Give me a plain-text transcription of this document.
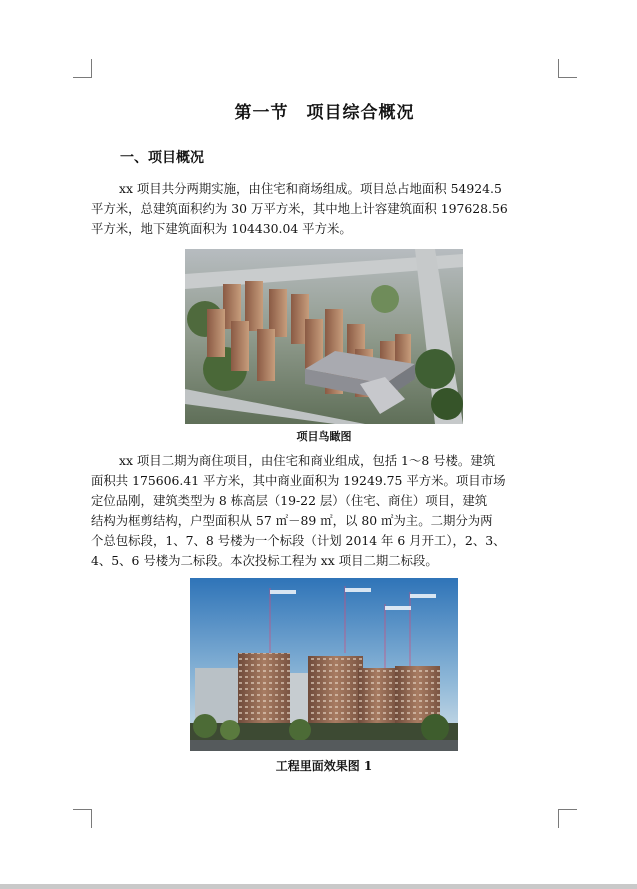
第一节　项目综合概况
一、项目概况
xx 项目共分两期实施，由住宅和商场组成。项目总占地面积 54924.5
平方米，总建筑面积约为 30 万平方米，其中地上计容建筑面积 197628.56
平方米，地下建筑面积为 104430.04 平方米。
项目鸟瞰图
xx 项目二期为商住项目，由住宅和商业组成，包括 1～8 号楼。建筑
面积共 175606.41 平方米，其中商业面积为 19249.75 平方米。项目市场
定位品刚，建筑类型为 8 栋高层（19-22 层）（住宅、商住）项目，建筑
结构为框剪结构，户型面积从 57 ㎡－89 ㎡，以 80 ㎡为主。二期分为两
个总包标段，1、7、8 号楼为一个标段（计划 2014 年 6 月开工），2、3、
4、5、6 号楼为二标段。本次投标工程为 xx 项目二期二标段。
工程里面效果图 1
